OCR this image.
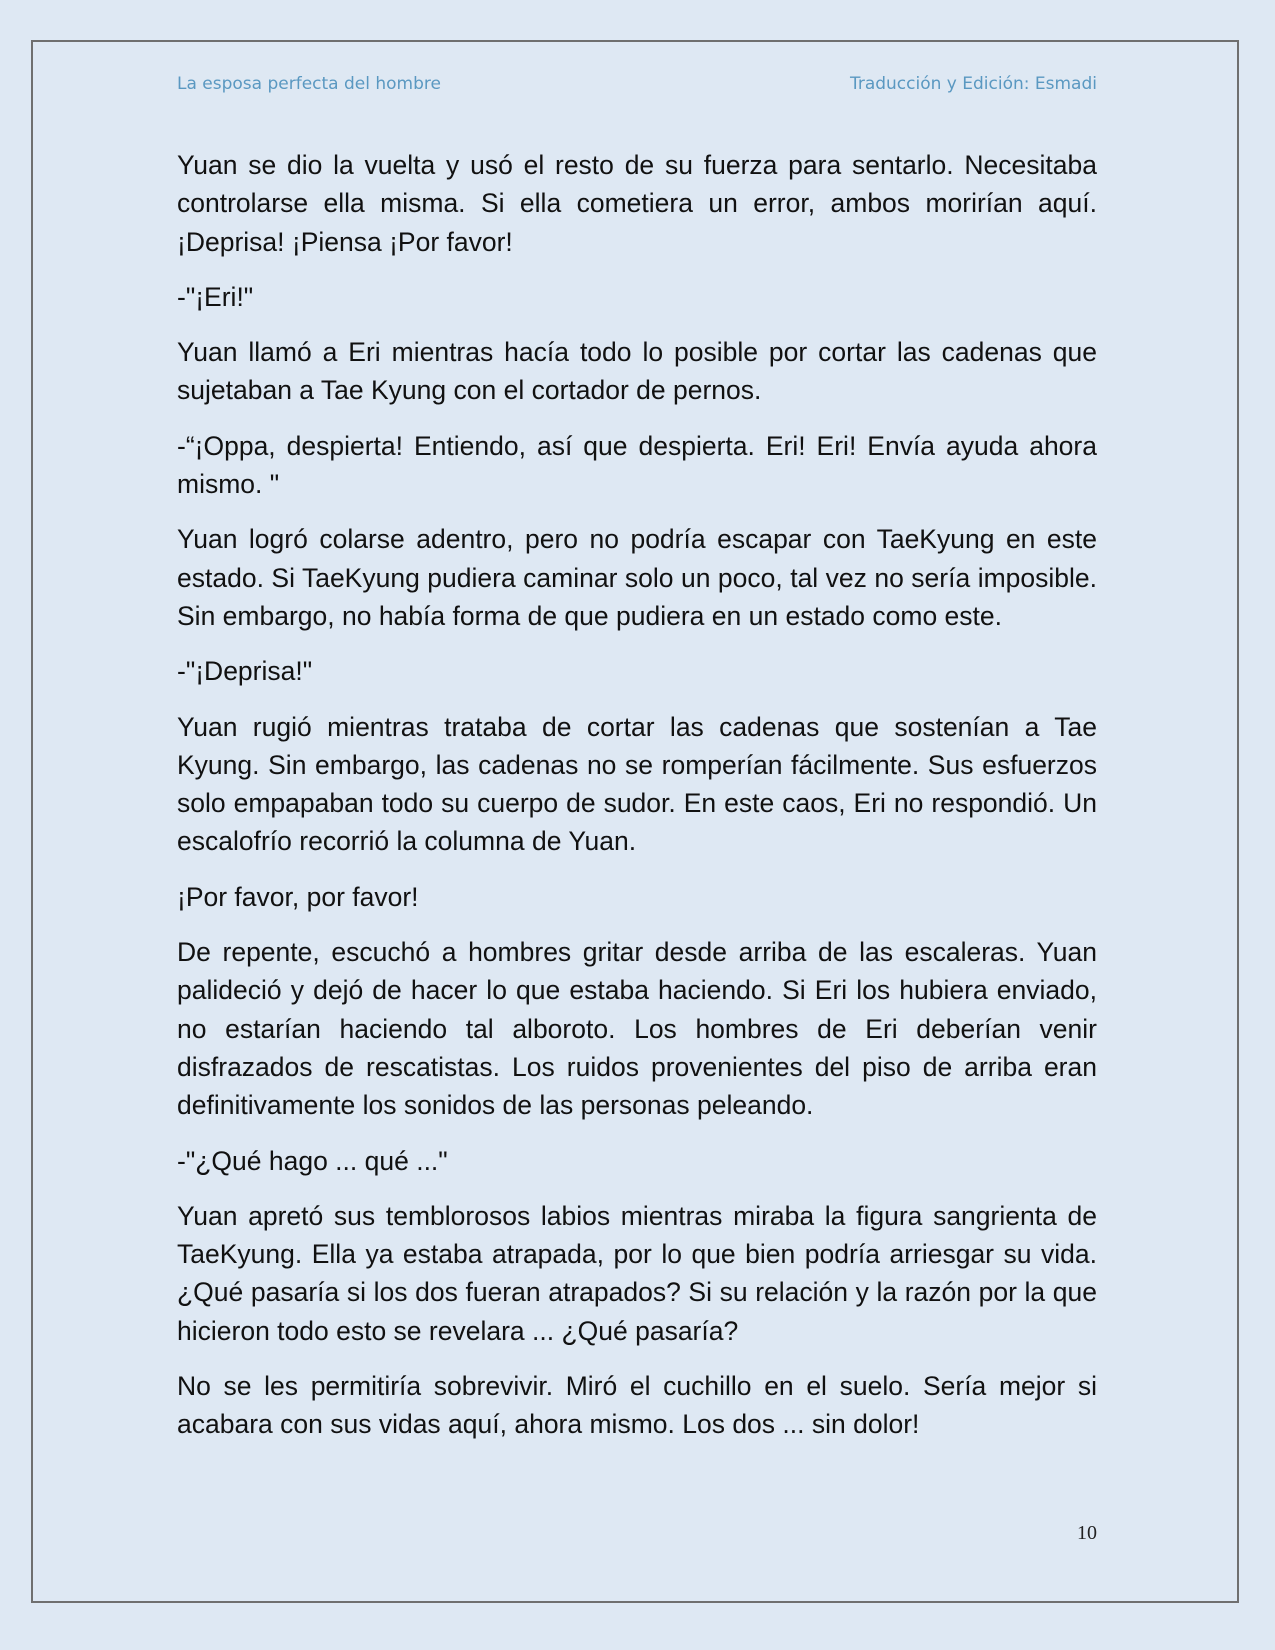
La esposa perfecta del hombre	Traducción y Edición: Esmadi

Yuan se dio la vuelta y usó el resto de su fuerza para sentarlo. Necesitaba controlarse ella misma. Si ella cometiera un error, ambos morirían aquí. ¡Deprisa! ¡Piensa ¡Por favor!

-"¡Eri!"

Yuan llamó a Eri mientras hacía todo lo posible por cortar las cadenas que sujetaban a Tae Kyung con el cortador de pernos.

-“¡Oppa, despierta! Entiendo, así que despierta. Eri! Eri! Envía ayuda ahora mismo. "

Yuan logró colarse adentro, pero no podría escapar con TaeKyung en este estado. Si TaeKyung pudiera caminar solo un poco, tal vez no sería imposible. Sin embargo, no había forma de que pudiera en un estado como este.

-"¡Deprisa!"

Yuan rugió mientras trataba de cortar las cadenas que sostenían a Tae Kyung. Sin embargo, las cadenas no se romperían fácilmente. Sus esfuerzos solo empapaban todo su cuerpo de sudor. En este caos, Eri no respondió. Un escalofrío recorrió la columna de Yuan.

¡Por favor, por favor!

De repente, escuchó a hombres gritar desde arriba de las escaleras. Yuan palideció y dejó de hacer lo que estaba haciendo. Si Eri los hubiera enviado, no estarían haciendo tal alboroto. Los hombres de Eri deberían venir disfrazados de rescatistas. Los ruidos provenientes del piso de arriba eran definitivamente los sonidos de las personas peleando.

-"¿Qué hago ... qué ..."

Yuan apretó sus temblorosos labios mientras miraba la figura sangrienta de TaeKyung. Ella ya estaba atrapada, por lo que bien podría arriesgar su vida. ¿Qué pasaría si los dos fueran atrapados? Si su relación y la razón por la que hicieron todo esto se revelara ... ¿Qué pasaría?

No se les permitiría sobrevivir. Miró el cuchillo en el suelo. Sería mejor si acabara con sus vidas aquí, ahora mismo. Los dos ... sin dolor!

10
